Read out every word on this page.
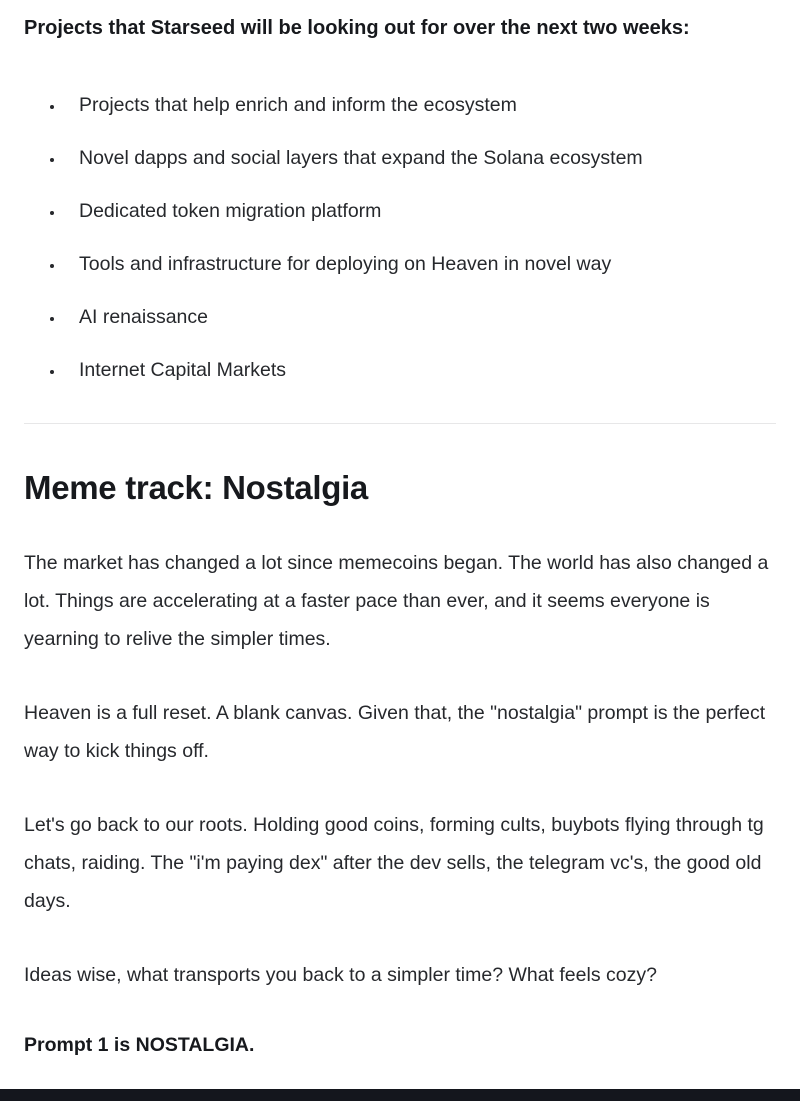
Projects that Starseed will be looking out for over the next two weeks:

• Projects that help enrich and inform the ecosystem
• Novel dapps and social layers that expand the Solana ecosystem
• Dedicated token migration platform
• Tools and infrastructure for deploying on Heaven in novel way
• AI renaissance
• Internet Capital Markets
Meme track: Nostalgia

The market has changed a lot since memecoins began. The world has also changed a lot. Things are accelerating at a faster pace than ever, and it seems everyone is yearning to relive the simpler times.

Heaven is a full reset. A blank canvas. Given that, the "nostalgia" prompt is the perfect way to kick things off.

Let's go back to our roots. Holding good coins, forming cults, buybots flying through tg chats, raiding. The "i'm paying dex" after the dev sells, the telegram vc's, the good old days.

Ideas wise, what transports you back to a simpler time? What feels cozy?

Prompt 1 is NOSTALGIA.
